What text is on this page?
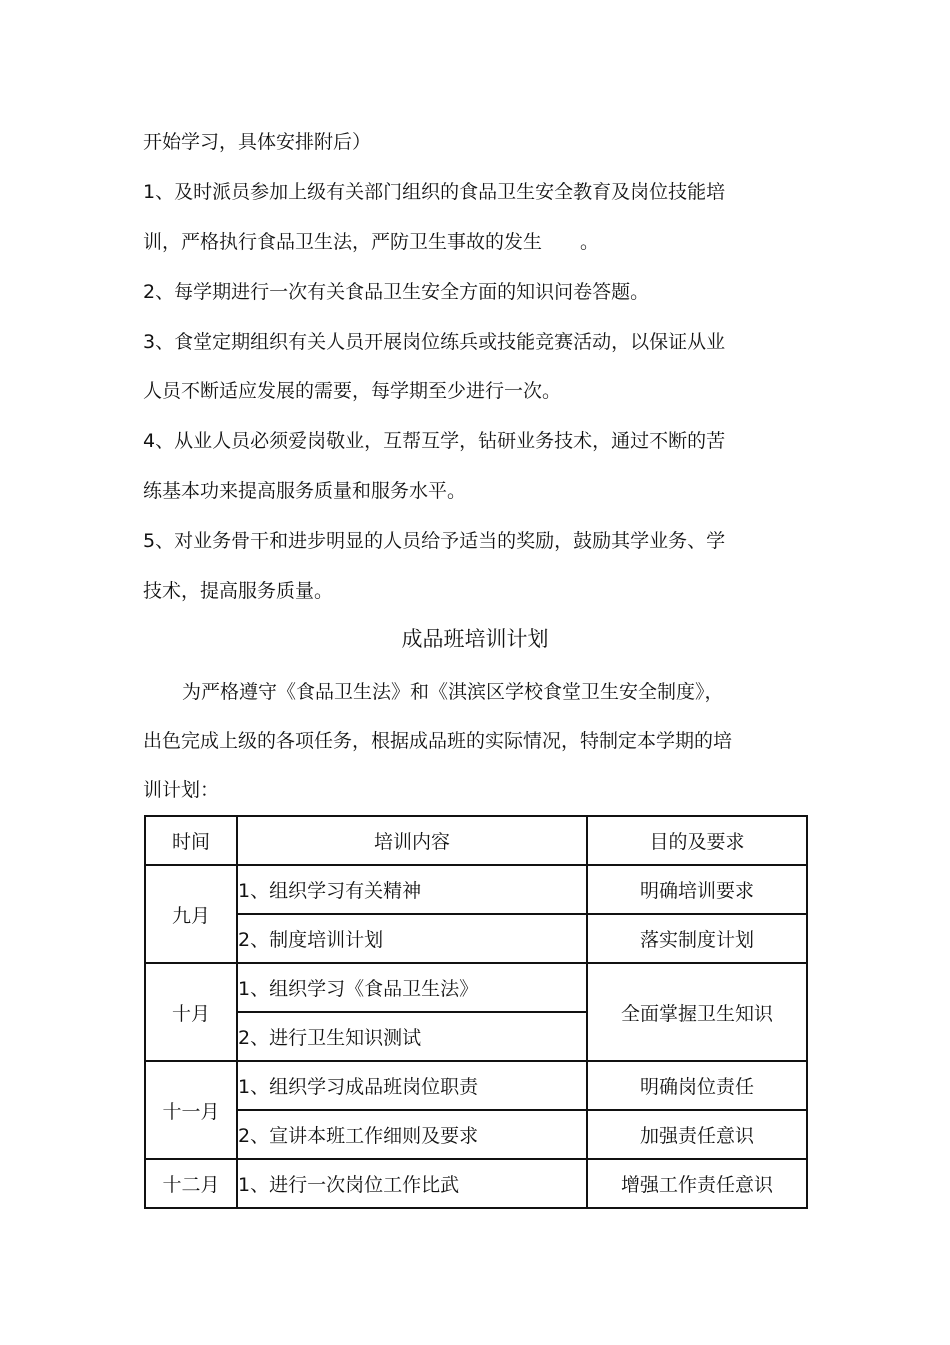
开始学习，具体安排附后）
1、及时派员参加上级有关部门组织的食品卫生安全教育及岗位技能培
训，严格执行食品卫生法，严防卫生事故的发生　　。
2、每学期进行一次有关食品卫生安全方面的知识问卷答题。
3、食堂定期组织有关人员开展岗位练兵或技能竞赛活动，以保证从业
人员不断适应发展的需要，每学期至少进行一次。
4、从业人员必须爱岗敬业，互帮互学，钻研业务技术，通过不断的苦
练基本功来提高服务质量和服务水平。
5、对业务骨干和进步明显的人员给予适当的奖励，鼓励其学业务、学
技术，提高服务质量。
成品班培训计划
为严格遵守《食品卫生法》和《淇滨区学校食堂卫生安全制度》，
出色完成上级的各项任务，根据成品班的实际情况，特制定本学期的培
训计划：
时间	培训内容	目的及要求
九月	1、组织学习有关精神	明确培训要求
	2、制度培训计划	落实制度计划
十月	1、组织学习《食品卫生法》	全面掌握卫生知识
	2、进行卫生知识测试	
十一月	1、组织学习成品班岗位职责	明确岗位责任
	2、宣讲本班工作细则及要求	加强责任意识
十二月	1、进行一次岗位工作比武	增强工作责任意识
